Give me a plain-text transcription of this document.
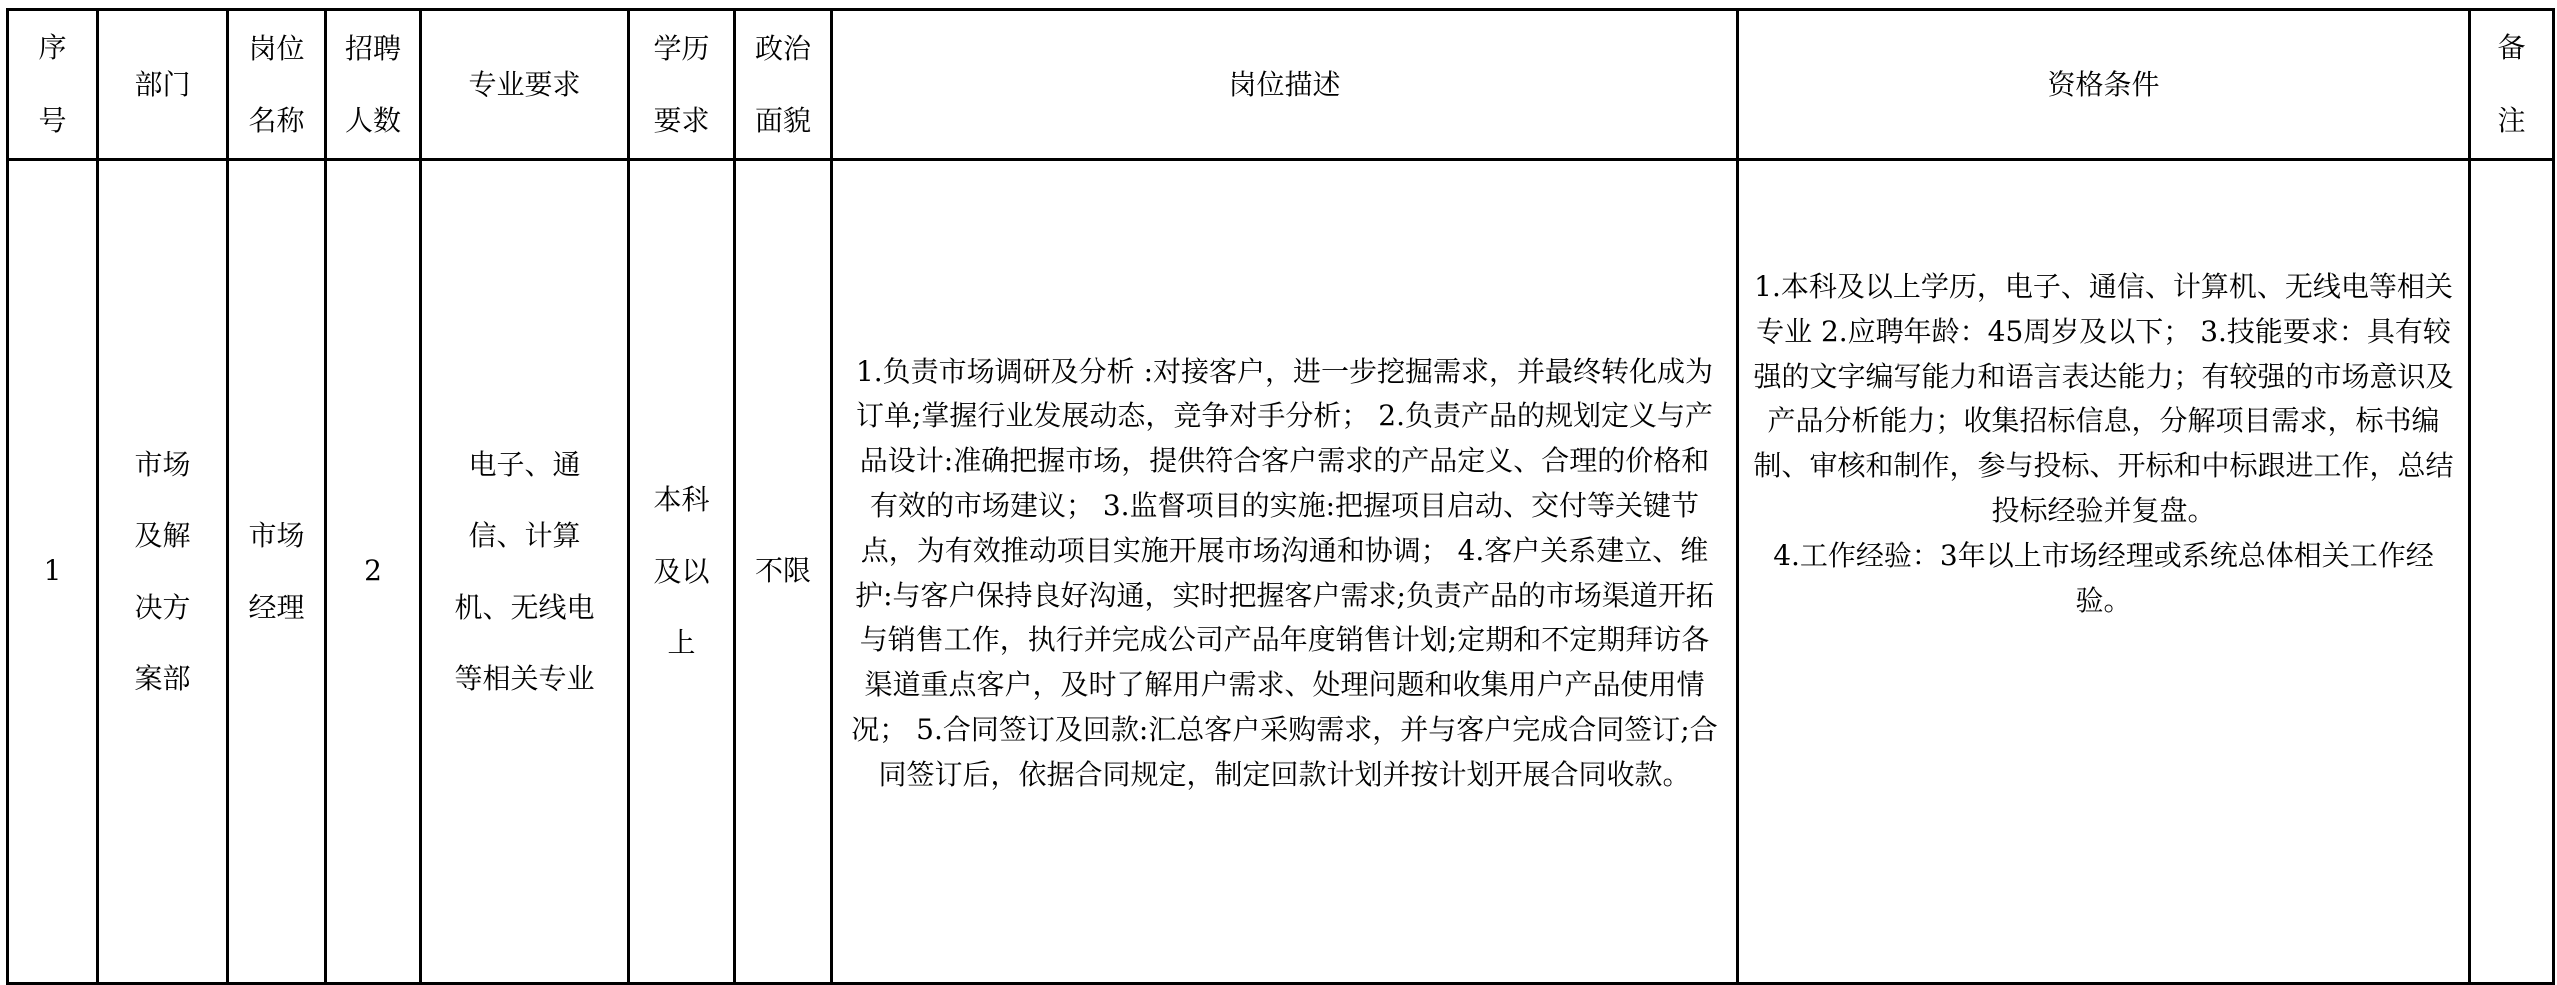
序号	部门	岗位名称	招聘人数	专业要求	学历要求	政治面貌	岗位描述	资格条件	备注
1	市场及解决方案部	市场经理	2	电子、通信、计算机、无线电等相关专业	本科及以上	不限	1.负责市场调研及分析 :对接客户，进一步挖掘需求，并最终转化成为订单;掌握行业发展动态，竞争对手分析； 2.负责产品的规划定义与产品设计:准确把握市场，提供符合客户需求的产品定义、合理的价格和有效的市场建议； 3.监督项目的实施:把握项目启动、交付等关键节点，为有效推动项目实施开展市场沟通和协调； 4.客户关系建立、维护:与客户保持良好沟通，实时把握客户需求;负责产品的市场渠道开拓与销售工作，执行并完成公司产品年度销售计划;定期和不定期拜访各渠道重点客户，及时了解用户需求、处理问题和收集用户产品使用情况； 5.合同签订及回款:汇总客户采购需求，并与客户完成合同签订;合同签订后，依据合同规定，制定回款计划并按计划开展合同收款。	1.本科及以上学历，电子、通信、计算机、无线电等相关专业 2.应聘年龄：45周岁及以下； 3.技能要求：具有较强的文字编写能力和语言表达能力；有较强的市场意识及产品分析能力；收集招标信息，分解项目需求，标书编制、审核和制作，参与投标、开标和中标跟进工作，总结投标经验并复盘。
4.工作经验：3年以上市场经理或系统总体相关工作经验。	
